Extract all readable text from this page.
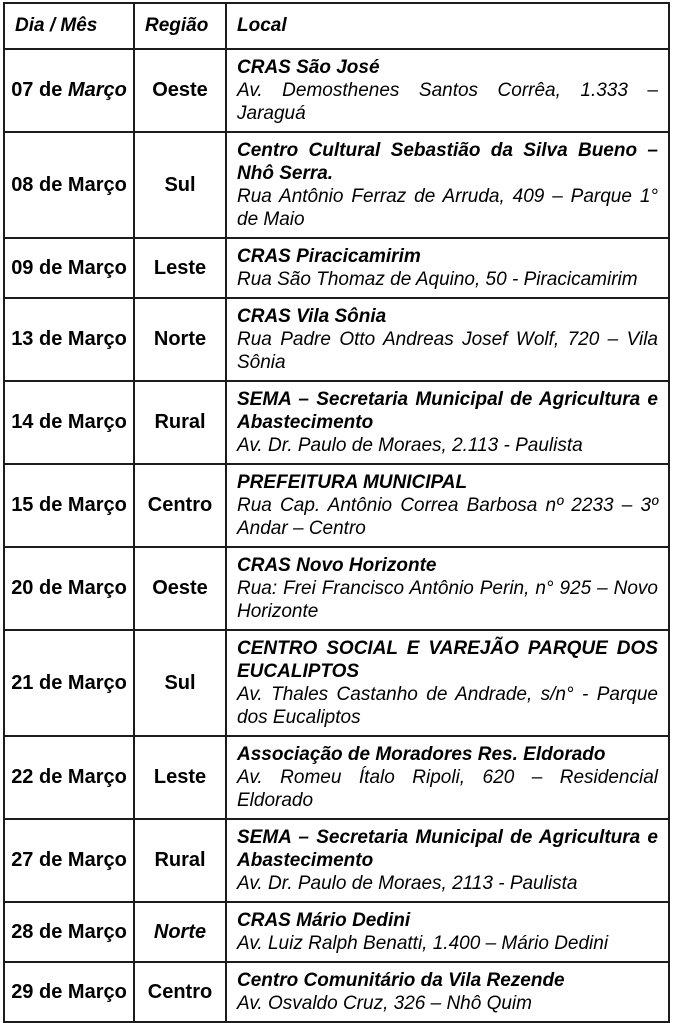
Dia / Mês	Região	Local
07 de Março	Oeste	CRAS São José
Av. Demosthenes Santos Corrêa, 1.333 – Jaraguá

08 de Março	Sul	Centro Cultural Sebastião da Silva Bueno – Nhô Serra.
Rua Antônio Ferraz de Arruda, 409 – Parque 1° de Maio

09 de Março	Leste	CRAS Piracicamirim
Rua São Thomaz de Aquino, 50 - Piracicamirim

13 de Março	Norte	CRAS Vila Sônia
Rua Padre Otto Andreas Josef Wolf, 720 – Vila Sônia

14 de Março	Rural	SEMA – Secretaria Municipal de Agricultura e Abastecimento
Av. Dr. Paulo de Moraes, 2.113 - Paulista

15 de Março	Centro	PREFEITURA MUNICIPAL
Rua Cap. Antônio Correa Barbosa nº 2233 – 3º Andar – Centro

20 de Março	Oeste	CRAS Novo Horizonte
Rua: Frei Francisco Antônio Perin, n° 925 – Novo Horizonte

21 de Março	Sul	CENTRO SOCIAL E VAREJÃO PARQUE DOS EUCALIPTOS
Av. Thales Castanho de Andrade, s/n° - Parque dos Eucaliptos

22 de Março	Leste	Associação de Moradores Res. Eldorado
Av. Romeu Ítalo Ripoli, 620 – Residencial Eldorado

27 de Março	Rural	SEMA – Secretaria Municipal de Agricultura e Abastecimento
Av. Dr. Paulo de Moraes, 2113 - Paulista

28 de Março	Norte	CRAS Mário Dedini
Av. Luiz Ralph Benatti, 1.400 – Mário Dedini

29 de Março	Centro	Centro Comunitário da Vila Rezende
Av. Osvaldo Cruz, 326 – Nhô Quim
